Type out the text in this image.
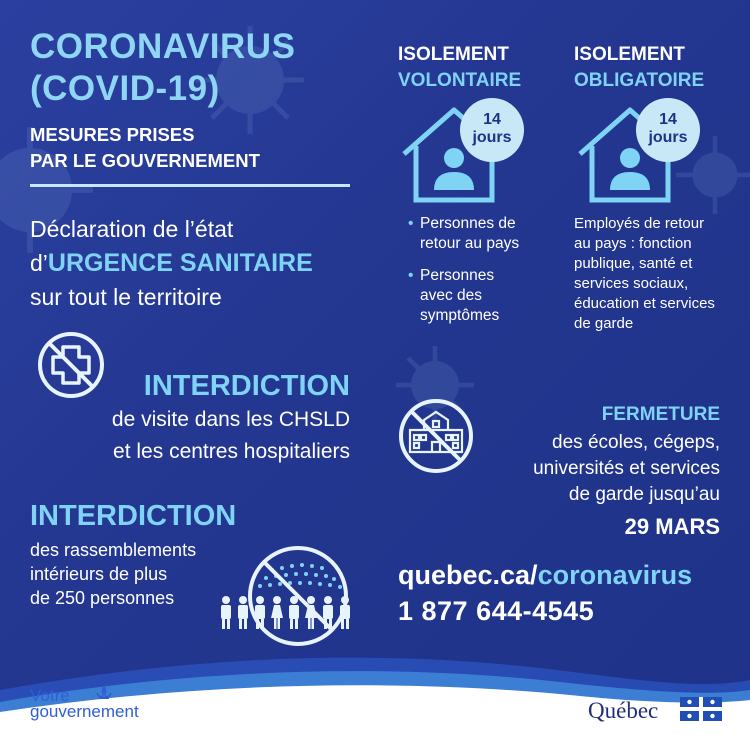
CORONAVIRUS
(COVID-19)
MESURES PRISES
PAR LE GOUVERNEMENT
Déclaration de l’état
d’URGENCE SANITAIRE
sur tout le territoire
INTERDICTION
de visite dans les CHSLD
et les centres hospitaliers
INTERDICTION
des rassemblements
intérieurs de plus
de 250 personnes
ISOLEMENT
VOLONTAIRE
ISOLEMENT
OBLIGATOIRE
14
jours
14
jours
• Personnes de
retour au pays
• Personnes
avec des
symptômes
Employés de retour
au pays : fonction
publique, santé et
services sociaux,
éducation et services
de garde
FERMETURE
des écoles, cégeps,
universités et services
de garde jusqu’au
29 MARS
quebec.ca/coronavirus
1 877 644-4545
Votre
gouvernement	Québec
